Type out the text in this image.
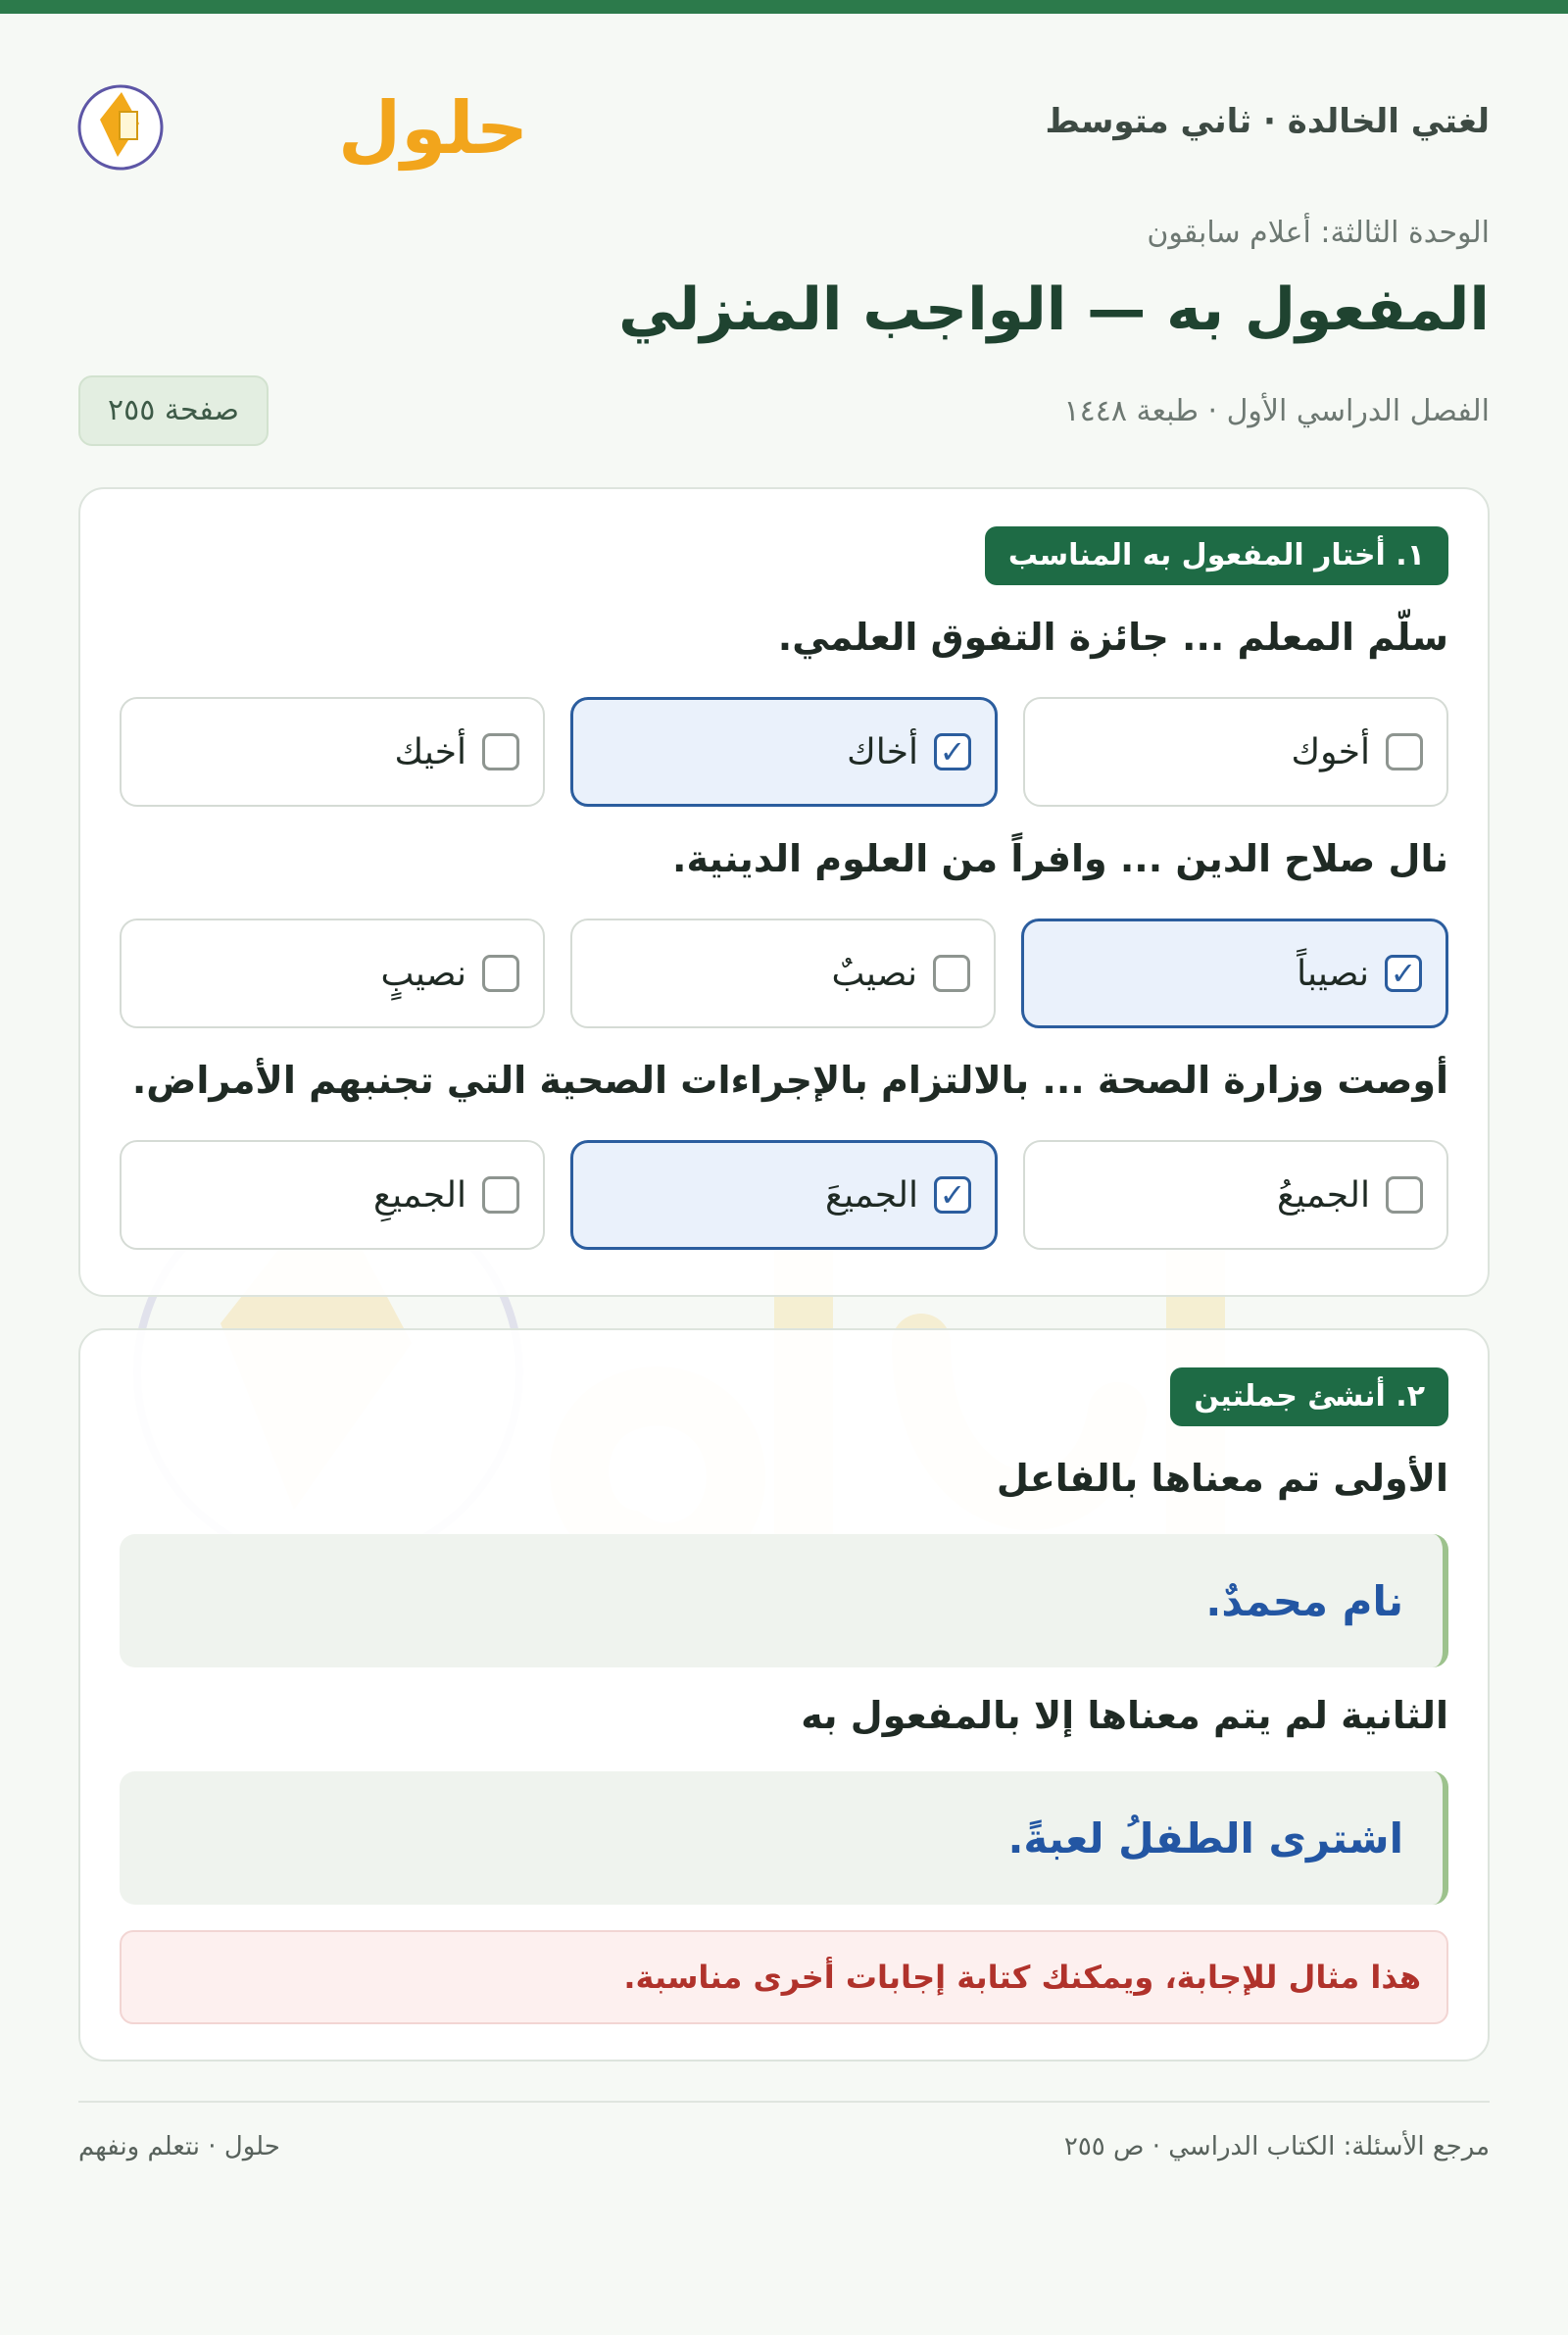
حلول	لغتي الخالدة · ثاني متوسط
الوحدة الثالثة: أعلام سابقون
المفعول به — الواجب المنزلي
الفصل الدراسي الأول · طبعة ١٤٤٨
صفحة ٢٥٥
١. أختار المفعول به المناسب
سلّم المعلم ... جائزة التفوق العلمي.
أخوك
✓
أخاك
أخيك
نال صلاح الدين ... وافراً من العلوم الدينية.
✓
نصيباً
نصيبٌ
نصيبٍ
أوصت وزارة الصحة ... بالالتزام بالإجراءات الصحية التي تجنبهم الأمراض.
الجميعُ
✓
الجميعَ
الجميعِ
٢. أنشئ جملتين
الأولى تم معناها بالفاعل
نام محمدٌ.
الثانية لم يتم معناها إلا بالمفعول به
اشترى الطفلُ لعبةً.
هذا مثال للإجابة، ويمكنك كتابة إجابات أخرى مناسبة.
مرجع الأسئلة: الكتاب الدراسي · ص ٢٥٥
حلول · نتعلم ونفهم
